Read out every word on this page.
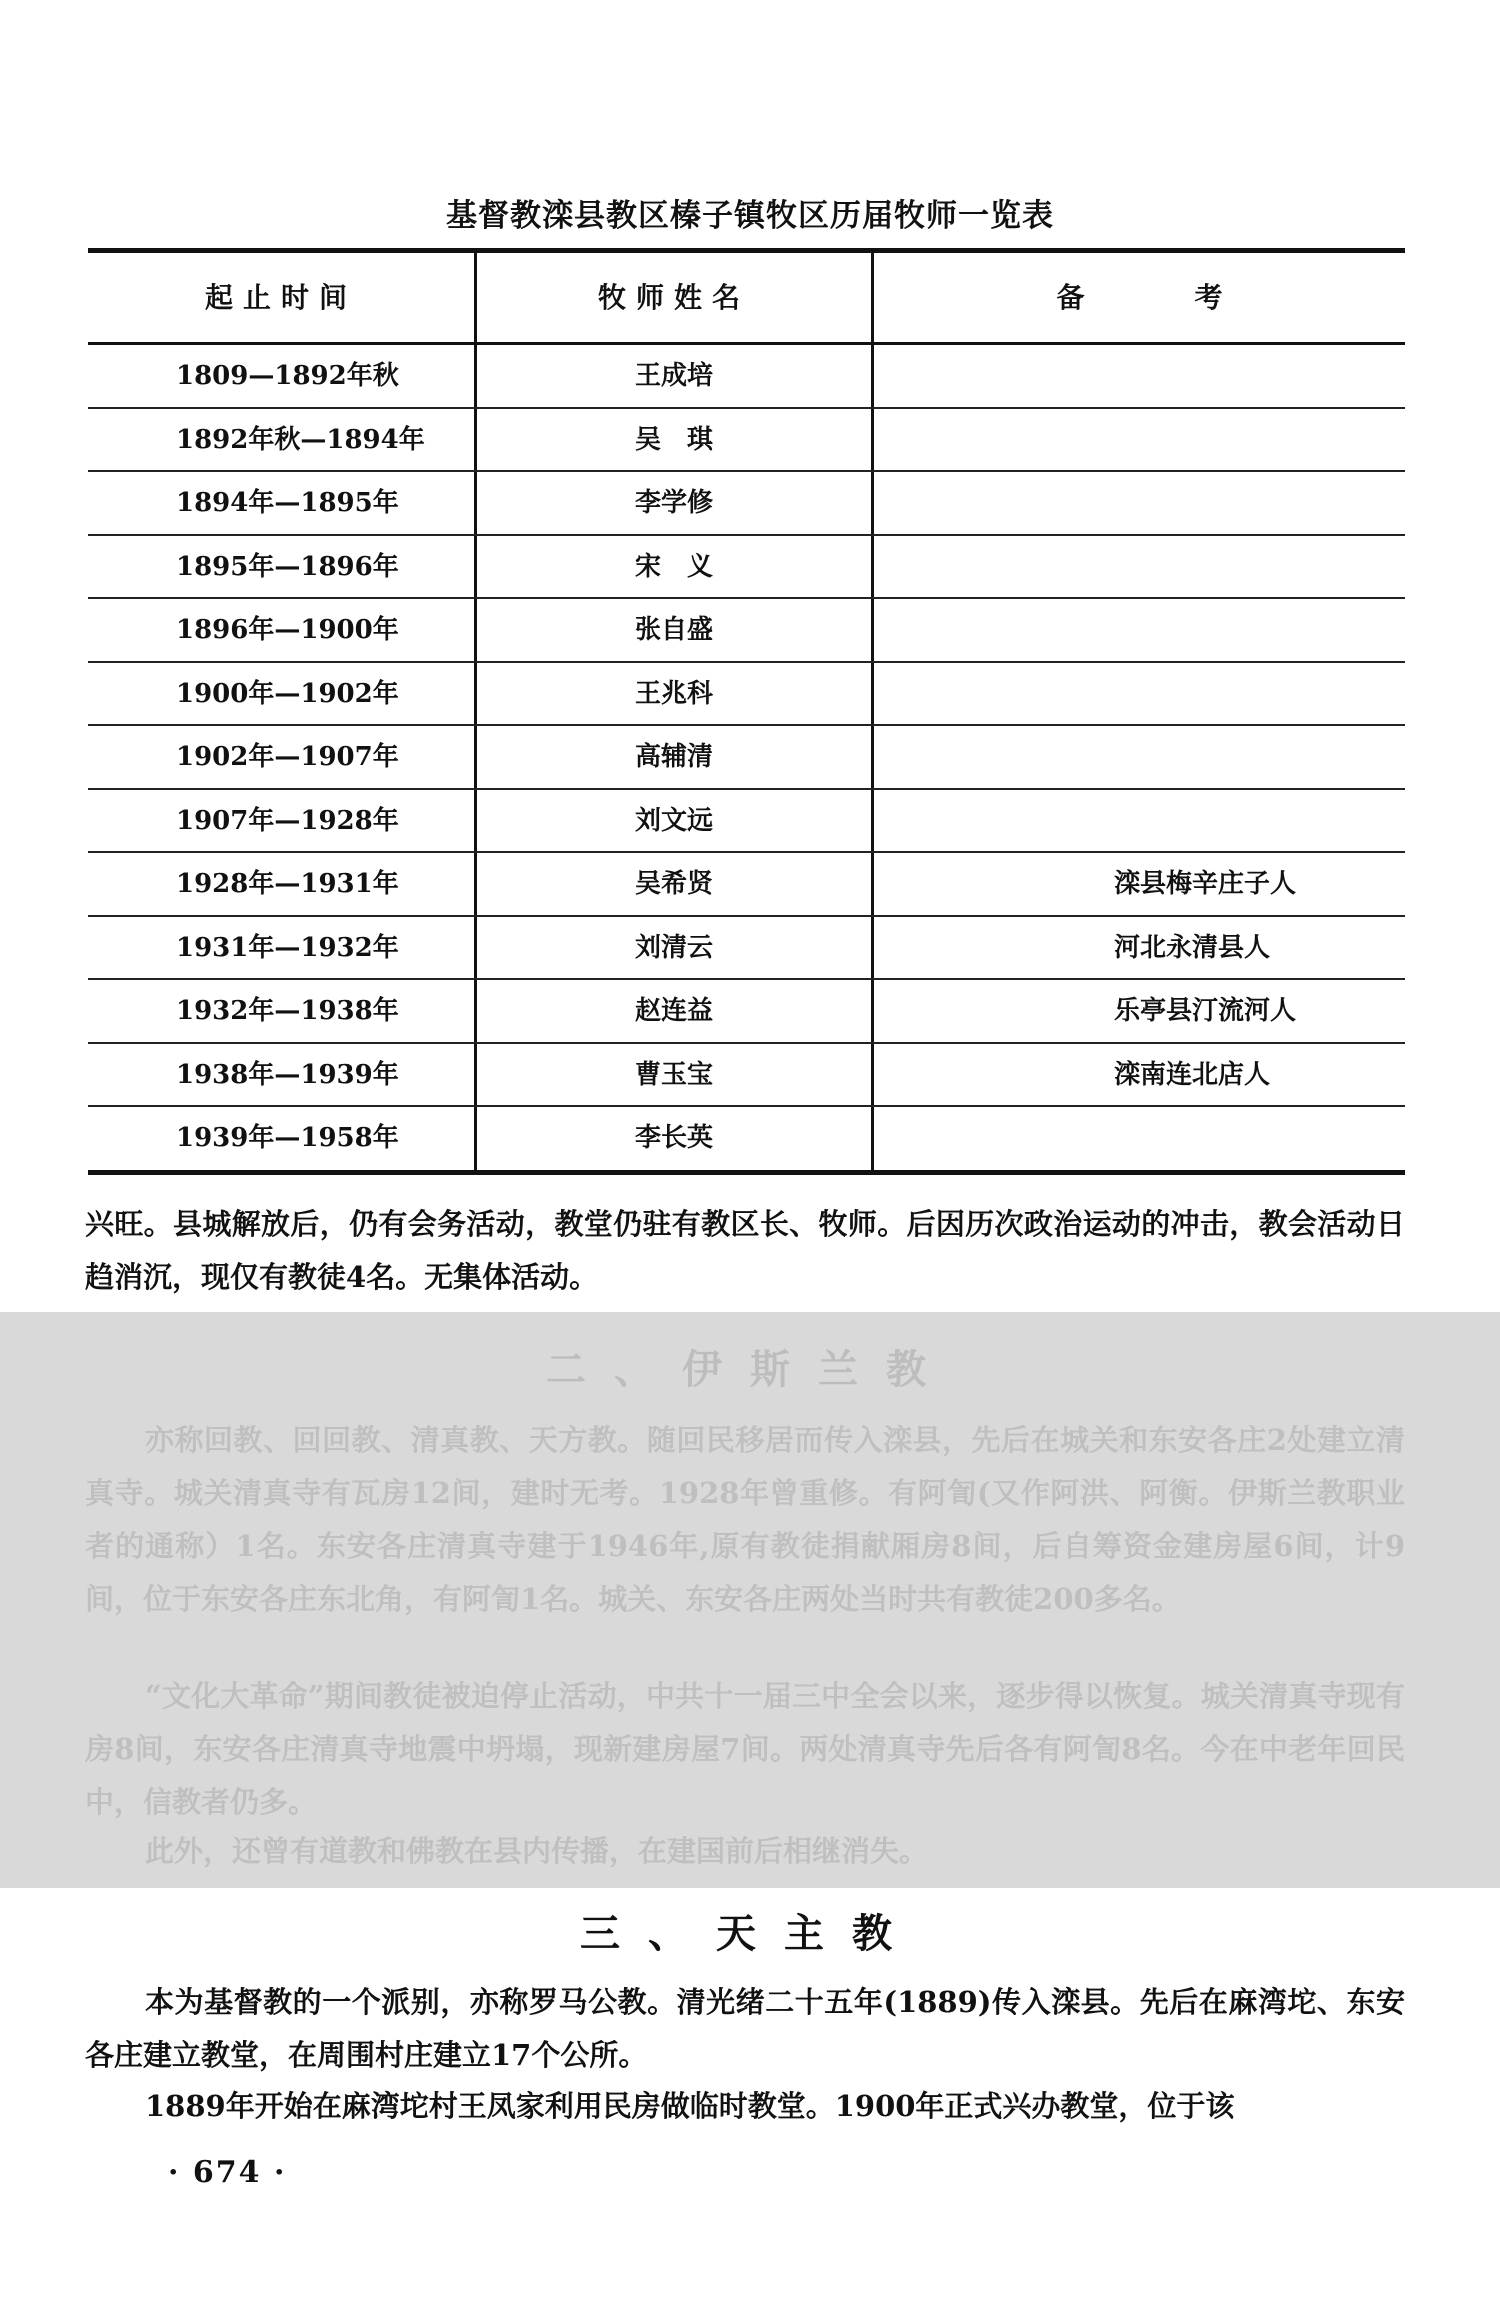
基督教滦县教区榛子镇牧区历届牧师一览表
起止时间	牧师姓名	备考
1809—1892年秋	王成培
1892年秋—1894年	吴　琪
1894年—1895年	李学修
1895年—1896年	宋　义
1896年—1900年	张自盛
1900年—1902年	王兆科
1902年—1907年	高辅清
1907年—1928年	刘文远
1928年—1931年	吴希贤	滦县梅辛庄子人
1931年—1932年	刘清云	河北永清县人
1932年—1938年	赵连益	乐亭县汀流河人
1938年—1939年	曹玉宝	滦南连北店人
1939年—1958年	李长英

兴旺。县城解放后，仍有会务活动，教堂仍驻有教区长、牧师。后因历次政治运动的冲击，教会活动日趋消沉，现仅有教徒4名。无集体活动。

二、伊斯兰教

亦称回教、回回教、清真教、天方教。随回民移居而传入滦县，先后在城关和东安各庄2处建立清真寺。城关清真寺有瓦房12间，建时无考。1928年曾重修。有阿訇(又作阿洪、阿衡。伊斯兰教职业者的通称）1名。东安各庄清真寺建于1946年,原有教徒捐献厢房8间，后自筹资金建房屋6间，计9间，位于东安各庄东北角，有阿訇1名。城关、东安各庄两处当时共有教徒200多名。

“文化大革命”期间教徒被迫停止活动，中共十一届三中全会以来，逐步得以恢复。城关清真寺现有房8间，东安各庄清真寺地震中坍塌，现新建房屋7间。两处清真寺先后各有阿訇8名。今在中老年回民中，信教者仍多。

此外，还曾有道教和佛教在县内传播，在建国前后相继消失。

三、天主教

本为基督教的一个派别，亦称罗马公教。清光绪二十五年(1889)传入滦县。先后在麻湾坨、东安各庄建立教堂，在周围村庄建立17个公所。

1889年开始在麻湾坨村王凤家利用民房做临时教堂。1900年正式兴办教堂，位于该

· 674 ·
